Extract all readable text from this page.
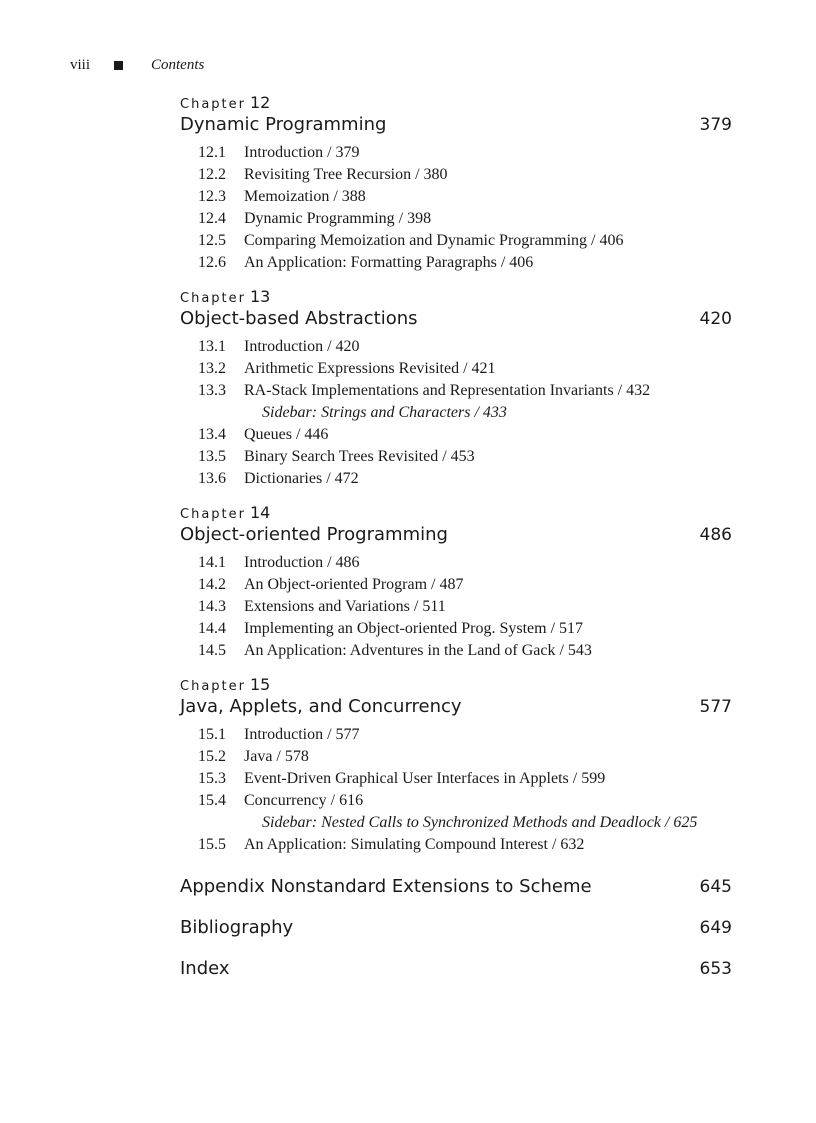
viii	Contents
Chapter 12
Dynamic Programming	379
12.1	Introduction / 379
12.2	Revisiting Tree Recursion / 380
12.3	Memoization / 388
12.4	Dynamic Programming / 398
12.5	Comparing Memoization and Dynamic Programming / 406
12.6	An Application: Formatting Paragraphs / 406
Chapter 13
Object-based Abstractions	420
13.1	Introduction / 420
13.2	Arithmetic Expressions Revisited / 421
13.3	RA-Stack Implementations and Representation Invariants / 432
Sidebar: Strings and Characters / 433
13.4	Queues / 446
13.5	Binary Search Trees Revisited / 453
13.6	Dictionaries / 472
Chapter 14
Object-oriented Programming	486
14.1	Introduction / 486
14.2	An Object-oriented Program / 487
14.3	Extensions and Variations / 511
14.4	Implementing an Object-oriented Prog. System / 517
14.5	An Application: Adventures in the Land of Gack / 543
Chapter 15
Java, Applets, and Concurrency	577
15.1	Introduction / 577
15.2	Java / 578
15.3	Event-Driven Graphical User Interfaces in Applets / 599
15.4	Concurrency / 616
Sidebar: Nested Calls to Synchronized Methods and Deadlock / 625
15.5	An Application: Simulating Compound Interest / 632
Appendix Nonstandard Extensions to Scheme	645
Bibliography	649
Index	653
